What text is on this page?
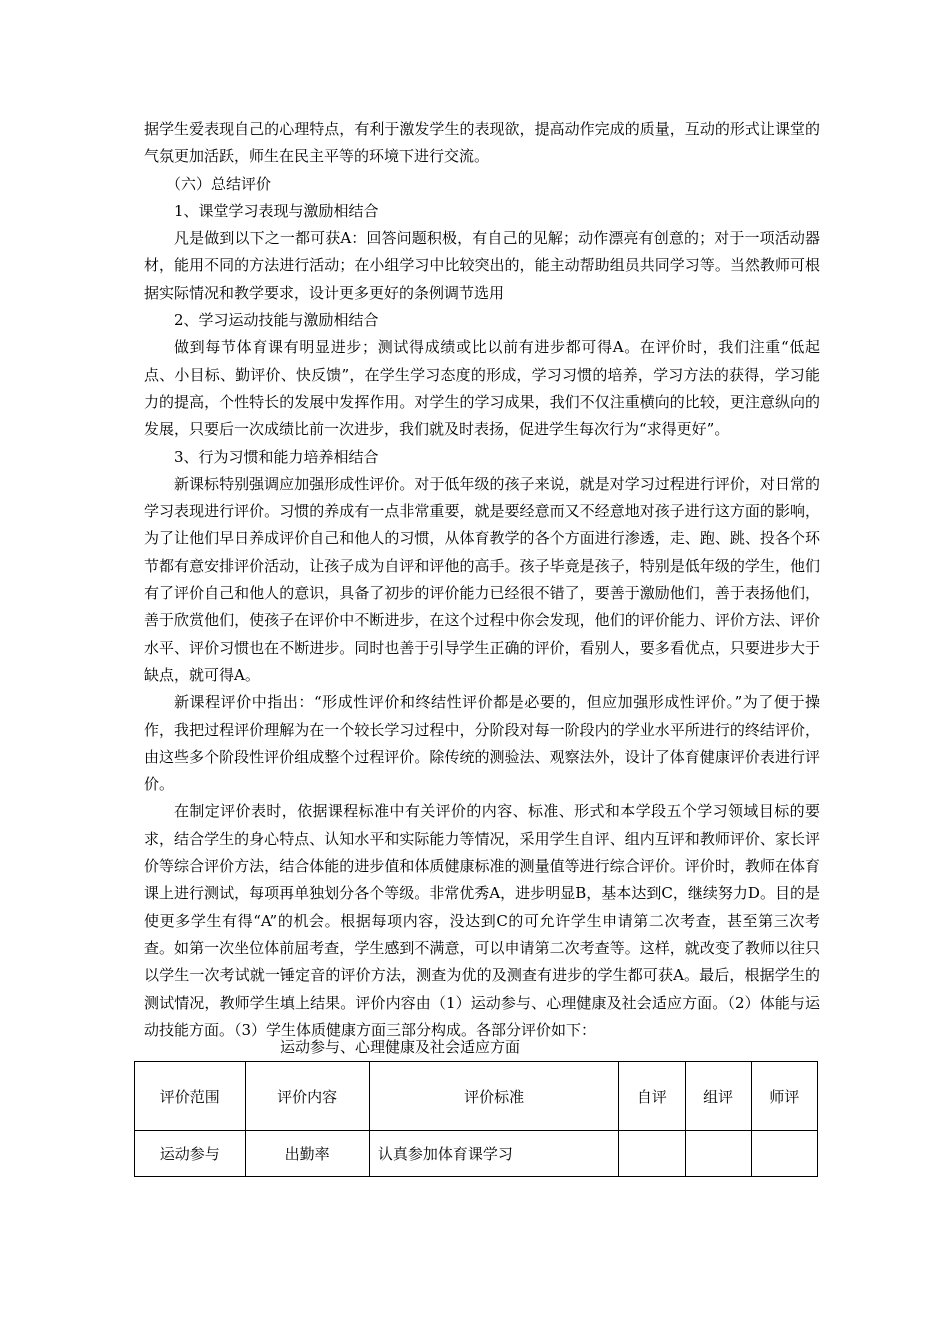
据学生爱表现自己的心理特点，有利于激发学生的表现欲，提高动作完成的质量，互动的形式让课堂的气氛更加活跃，师生在民主平等的环境下进行交流。

（六）总结评价

1、课堂学习表现与激励相结合

凡是做到以下之一都可获A：回答问题积极，有自己的见解；动作漂亮有创意的；对于一项活动器材，能用不同的方法进行活动；在小组学习中比较突出的，能主动帮助组员共同学习等。当然教师可根据实际情况和教学要求，设计更多更好的条例调节选用

2、学习运动技能与激励相结合

做到每节体育课有明显进步；测试得成绩或比以前有进步都可得A。在评价时，我们注重“低起点、小目标、勤评价、快反馈”，在学生学习态度的形成，学习习惯的培养，学习方法的获得，学习能力的提高，个性特长的发展中发挥作用。对学生的学习成果，我们不仅注重横向的比较，更注意纵向的发展，只要后一次成绩比前一次进步，我们就及时表扬，促进学生每次行为“求得更好”。

3、行为习惯和能力培养相结合

新课标特别强调应加强形成性评价。对于低年级的孩子来说，就是对学习过程进行评价，对日常的学习表现进行评价。习惯的养成有一点非常重要，就是要经意而又不经意地对孩子进行这方面的影响，为了让他们早日养成评价自己和他人的习惯，从体育教学的各个方面进行渗透，走、跑、跳、投各个环节都有意安排评价活动，让孩子成为自评和评他的高手。孩子毕竟是孩子，特别是低年级的学生，他们有了评价自己和他人的意识，具备了初步的评价能力已经很不错了，要善于激励他们，善于表扬他们，善于欣赏他们，使孩子在评价中不断进步，在这个过程中你会发现，他们的评价能力、评价方法、评价水平、评价习惯也在不断进步。同时也善于引导学生正确的评价，看别人，要多看优点，只要进步大于缺点，就可得A。

新课程评价中指出：“形成性评价和终结性评价都是必要的，但应加强形成性评价。”为了便于操作，我把过程评价理解为在一个较长学习过程中，分阶段对每一阶段内的学业水平所进行的终结评价，由这些多个阶段性评价组成整个过程评价。除传统的测验法、观察法外，设计了体育健康评价表进行评价。

在制定评价表时，依据课程标准中有关评价的内容、标准、形式和本学段五个学习领域目标的要求，结合学生的身心特点、认知水平和实际能力等情况，采用学生自评、组内互评和教师评价、家长评价等综合评价方法，结合体能的进步值和体质健康标准的测量值等进行综合评价。评价时，教师在体育课上进行测试，每项再单独划分各个等级。非常优秀A，进步明显B，基本达到C，继续努力D。目的是使更多学生有得“A”的机会。根据每项内容，没达到C的可允许学生申请第二次考查，甚至第三次考查。如第一次坐位体前屈考查，学生感到不满意，可以申请第二次考查等。这样，就改变了教师以往只以学生一次考试就一锤定音的评价方法，测查为优的及测查有进步的学生都可获A。最后，根据学生的测试情况，教师学生填上结果。评价内容由（1）运动参与、心理健康及社会适应方面。（2）体能与运动技能方面。（3）学生体质健康方面三部分构成。各部分评价如下：

运动参与、心理健康及社会适应方面
评价范围	评价内容	评价标准	自评	组评	师评
运动参与	出勤率	认真参加体育课学习			
